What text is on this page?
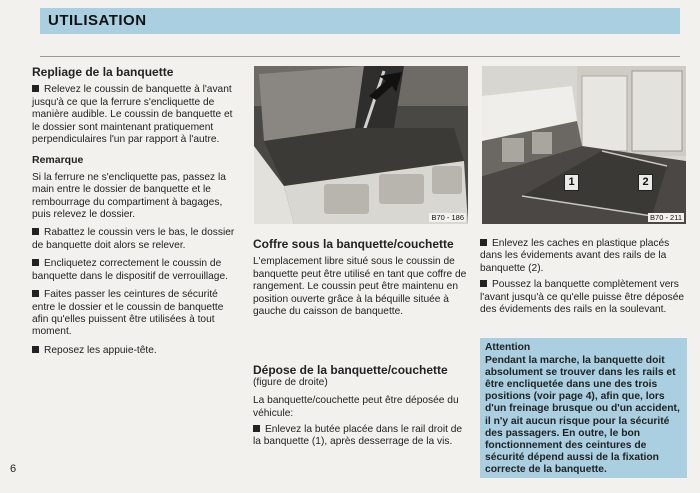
UTILISATION
Repliage de la banquette

Relevez le coussin de banquette à l'avant jusqu'à ce que la ferrure s'encliquette de manière audible. Le coussin de banquette et le dossier sont maintenant pratiquement perpendiculaires l'un par rapport à l'autre.

Remarque

Si la ferrure ne s'encliquette pas, passez la main entre le dossier de banquette et le rembourrage du compartiment à bagages, puis relevez le dossier.

Rabattez le coussin vers le bas, le dossier de banquette doit alors se relever.

Encliquetez correctement le coussin de banquette dans le dispositif de verrouillage.

Faites passer les ceintures de sécurité entre le dossier et le coussin de banquette afin qu'elles puissent être utilisées à tout moment.

Reposez les appuie-tête.

B70 - 186
1	2
B70 - 211
Coffre sous la banquette/couchette

L'emplacement libre situé sous le coussin de banquette peut être utilisé en tant que coffre de rangement. Le coussin peut être maintenu en position ouverte grâce à la béquille située à gauche du caisson de banquette.

Dépose de la banquette/couchette

(figure de droite)

La banquette/couchette peut être déposée du véhicule:

Enlevez la butée placée dans le rail droit de la banquette (1), après desserrage de la vis.

Enlevez les caches en plastique placés dans les évidements avant des rails de la banquette (2).

Poussez la banquette complètement vers l'avant jusqu'à ce qu'elle puisse être déposée des évidements des rails en la soulevant.

Attention
Pendant la marche, la banquette doit absolument se trouver dans les rails et être encliquetée dans une des trois positions (voir page 4), afin que, lors d'un freinage brusque ou d'un accident, il n'y ait aucun risque pour la sécurité des passagers. En outre, le bon fonctionnement des ceintures de sécurité dépend aussi de la fixation correcte de la banquette.
6
